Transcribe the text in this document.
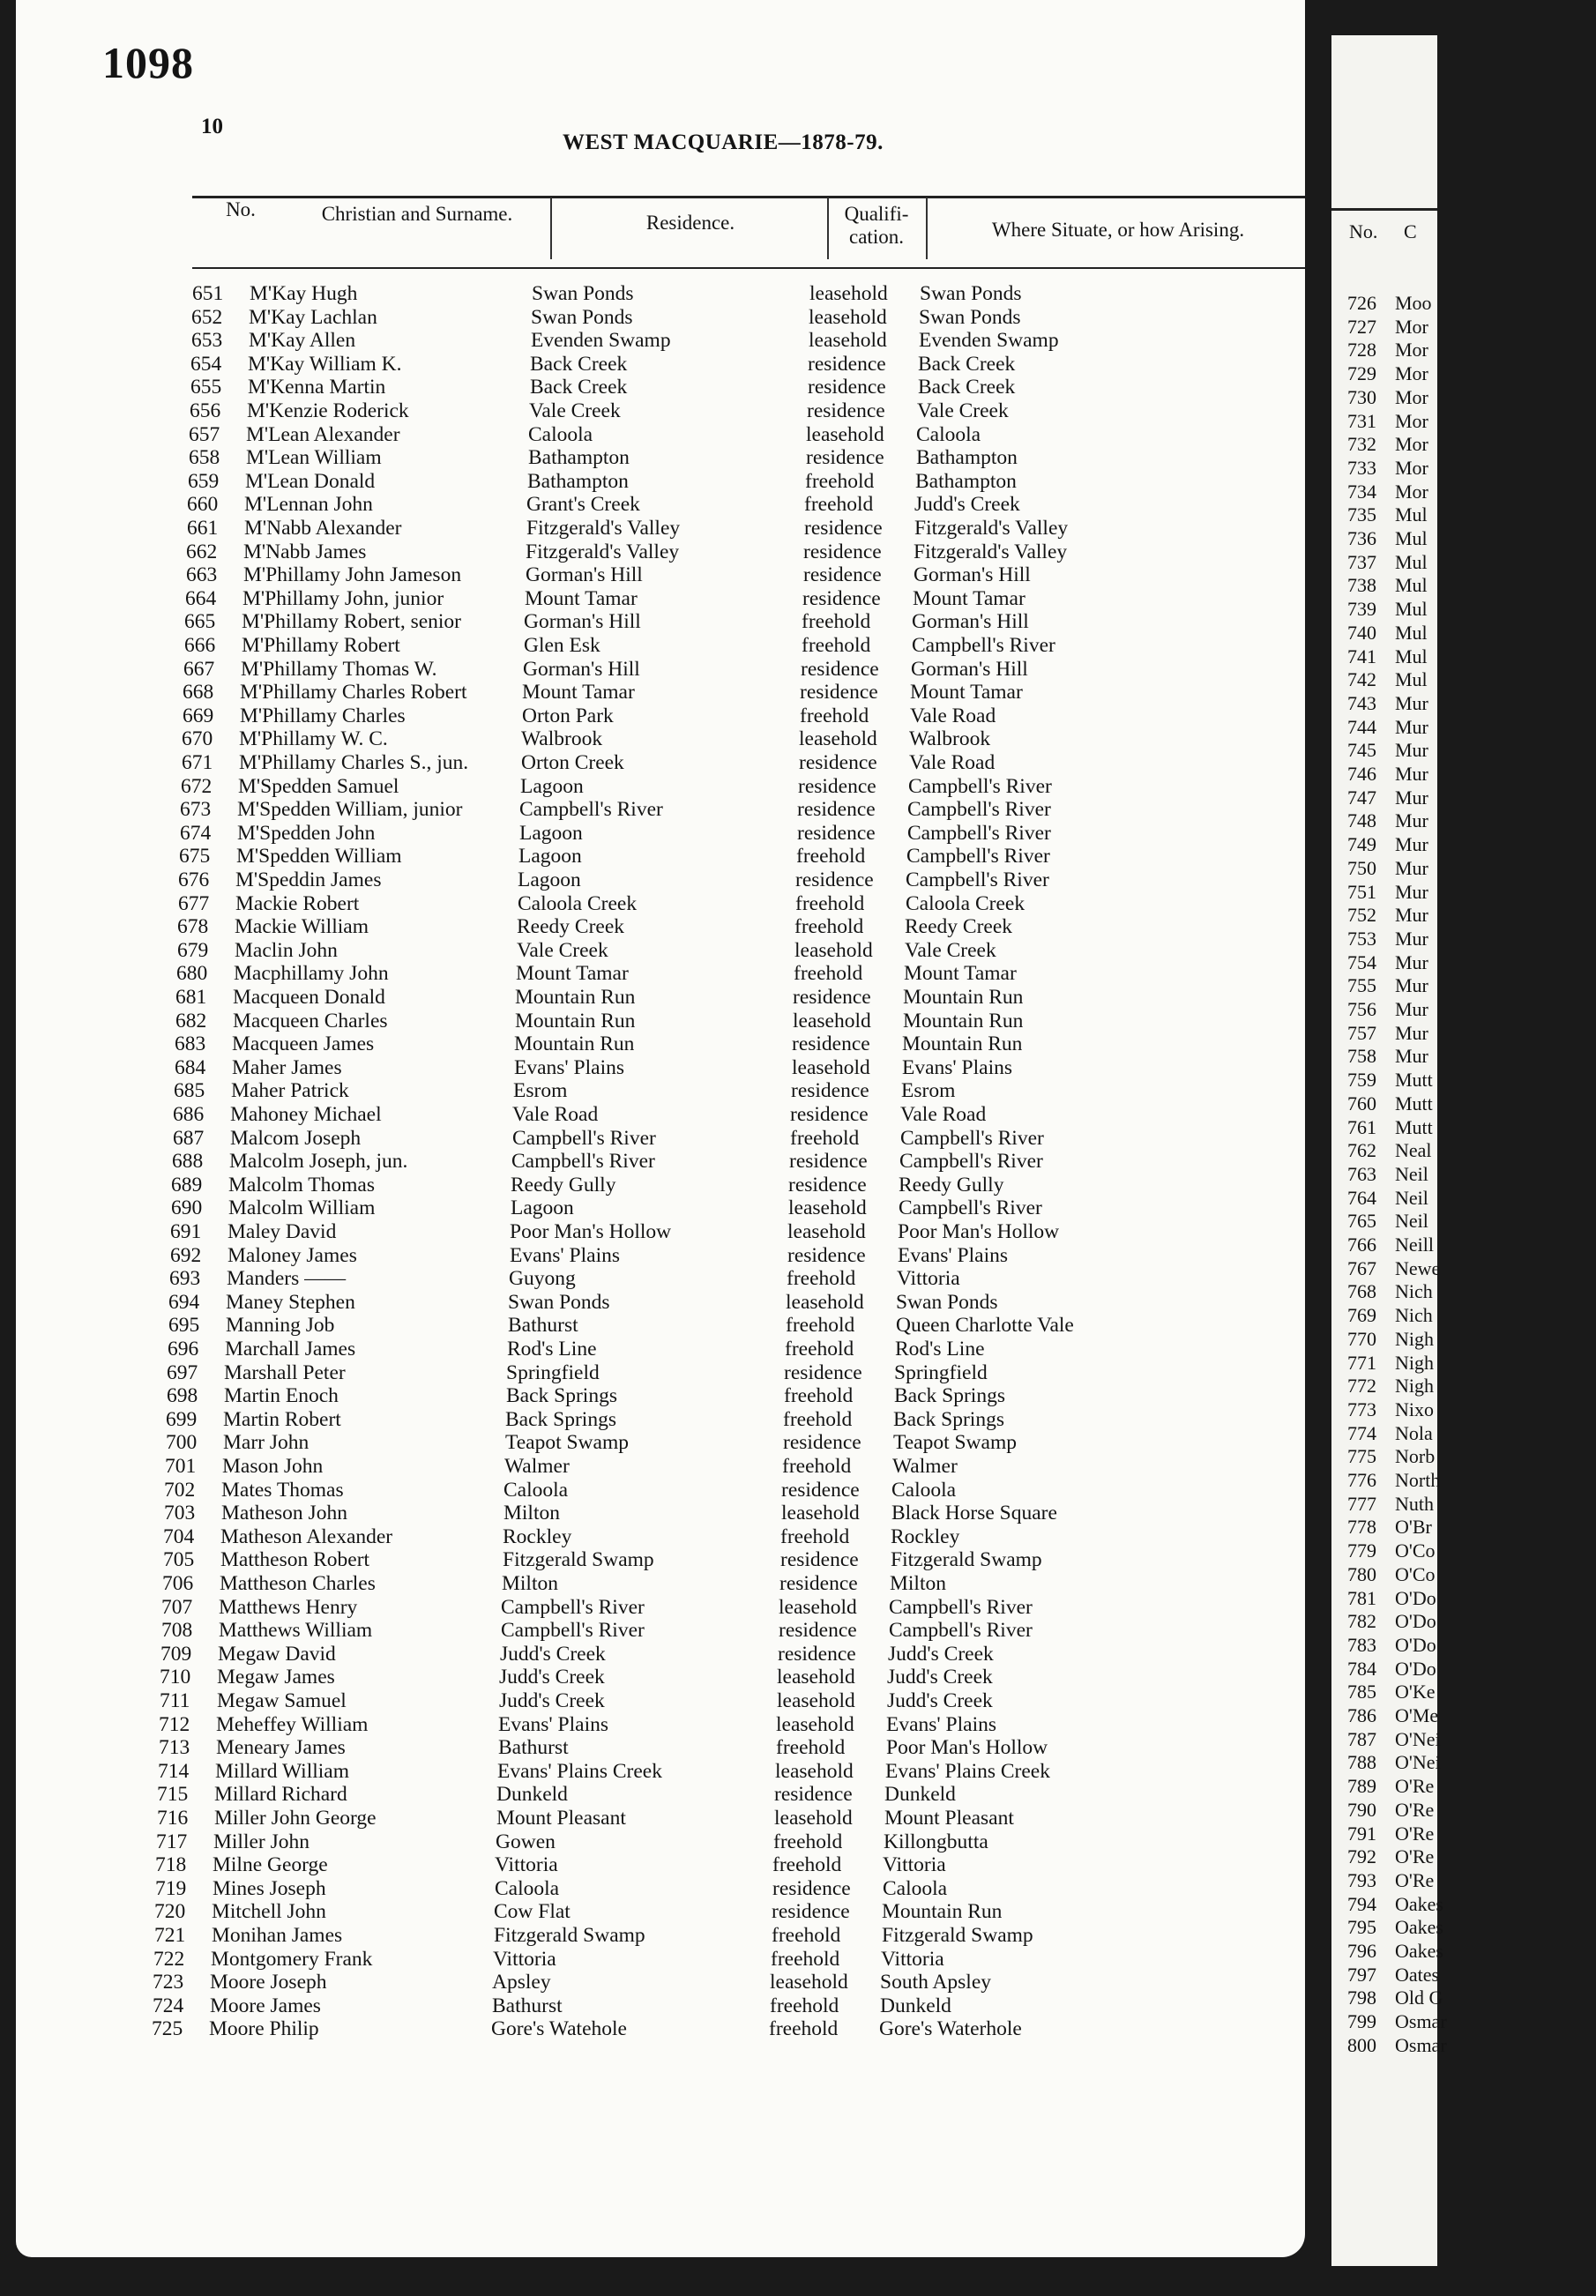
1098
10
WEST MACQUARIE—1878-79.
No.	Christian and Surname.	Residence.	Qualifi-
cation.	Where Situate, or how Arising.
651	M'Kay Hugh	Swan Ponds	leasehold Swan Ponds
652	M'Kay Lachlan	Swan Ponds	leasehold Swan Ponds
653	M'Kay Allen	Evenden Swamp	leasehold Evenden Swamp
654	M'Kay William K.	Back Creek	residence Back Creek
655	M'Kenna Martin	Back Creek	residence Back Creek
656	M'Kenzie Roderick	Vale Creek	residence Vale Creek
657	M'Lean Alexander	Caloola	leasehold Caloola
658	M'Lean William	Bathampton	residence Bathampton
659	M'Lean Donald	Bathampton	freehold Bathampton
660	M'Lennan John	Grant's Creek	freehold Judd's Creek
661	M'Nabb Alexander	Fitzgerald's Valley	residence Fitzgerald's Valley
662	M'Nabb James	Fitzgerald's Valley	residence Fitzgerald's Valley
663	M'Phillamy John Jameson	Gorman's Hill	residence Gorman's Hill
664	M'Phillamy John, junior	Mount Tamar	residence Mount Tamar
665	M'Phillamy Robert, senior	Gorman's Hill	freehold Gorman's Hill
666	M'Phillamy Robert	Glen Esk	freehold Campbell's River
667	M'Phillamy Thomas W.	Gorman's Hill	residence Gorman's Hill
668	M'Phillamy Charles Robert	Mount Tamar	residence Mount Tamar
669	M'Phillamy Charles	Orton Park	freehold Vale Road
670	M'Phillamy W. C.	Walbrook	leasehold Walbrook
671	M'Phillamy Charles S., jun.	Orton Creek	residence Vale Road
672	M'Spedden Samuel	Lagoon	residence Campbell's River
673	M'Spedden William, junior	Campbell's River	residence Campbell's River
674	M'Spedden John	Lagoon	residence Campbell's River
675	M'Spedden William	Lagoon	freehold Campbell's River
676	M'Speddin James	Lagoon	residence Campbell's River
677	Mackie Robert	Caloola Creek	freehold Caloola Creek
678	Mackie William	Reedy Creek	freehold Reedy Creek
679	Maclin John	Vale Creek	leasehold Vale Creek
680	Macphillamy John	Mount Tamar	freehold Mount Tamar
681	Macqueen Donald	Mountain Run	residence Mountain Run
682	Macqueen Charles	Mountain Run	leasehold Mountain Run
683	Macqueen James	Mountain Run	residence Mountain Run
684	Maher James	Evans' Plains	leasehold Evans' Plains
685	Maher Patrick	Esrom	residence Esrom
686	Mahoney Michael	Vale Road	residence Vale Road
687	Malcom Joseph	Campbell's River	freehold Campbell's River
688	Malcolm Joseph, jun.	Campbell's River	residence Campbell's River
689	Malcolm Thomas	Reedy Gully	residence Reedy Gully
690	Malcolm William	Lagoon	leasehold Campbell's River
691	Maley David	Poor Man's Hollow	leasehold Poor Man's Hollow
692	Maloney James	Evans' Plains	residence Evans' Plains
693	Manders ——	Guyong	freehold Vittoria
694	Maney Stephen	Swan Ponds	leasehold Swan Ponds
695	Manning Job	Bathurst	freehold Queen Charlotte Vale
696	Marchall James	Rod's Line	freehold Rod's Line
697	Marshall Peter	Springfield	residence Springfield
698	Martin Enoch	Back Springs	freehold Back Springs
699	Martin Robert	Back Springs	freehold Back Springs
700	Marr John	Teapot Swamp	residence Teapot Swamp
701	Mason John	Walmer	freehold Walmer
702	Mates Thomas	Caloola	residence Caloola
703	Matheson John	Milton	leasehold Black Horse Square
704	Matheson Alexander	Rockley	freehold Rockley
705	Mattheson Robert	Fitzgerald Swamp	residence Fitzgerald Swamp
706	Mattheson Charles	Milton	residence Milton
707	Matthews Henry	Campbell's River	leasehold Campbell's River
708	Matthews William	Campbell's River	residence Campbell's River
709	Megaw David	Judd's Creek	residence Judd's Creek
710	Megaw James	Judd's Creek	leasehold Judd's Creek
711	Megaw Samuel	Judd's Creek	leasehold Judd's Creek
712	Meheffey William	Evans' Plains	leasehold Evans' Plains
713	Meneary James	Bathurst	freehold Poor Man's Hollow
714	Millard William	Evans' Plains Creek	leasehold Evans' Plains Creek
715	Millard Richard	Dunkeld	residence Dunkeld
716	Miller John George	Mount Pleasant	leasehold Mount Pleasant
717	Miller John	Gowen	freehold Killongbutta
718	Milne George	Vittoria	freehold Vittoria
719	Mines Joseph	Caloola	residence Caloola
720	Mitchell John	Cow Flat	residence Mountain Run
721	Monihan James	Fitzgerald Swamp	freehold Fitzgerald Swamp
722	Montgomery Frank	Vittoria	freehold Vittoria
723	Moore Joseph	Apsley	leasehold South Apsley
724	Moore James	Bathurst	freehold Dunkeld
725	Moore Philip	Gore's Watehole	freehold Gore's Waterhole
No. C
726 Moo
727 Mor
728 Mor
729 Mor
730 Mor
731 Mor
732 Mor
733 Mor
734 Mor
735 Mul
736 Mul
737 Mul
738 Mul
739 Mul
740 Mul
741 Mul
742 Mul
743 Mur
744 Mur
745 Mur
746 Mur
747 Mur
748 Mur
749 Mur
750 Mur
751 Mur
752 Mur
753 Mur
754 Mur
755 Mur
756 Mur
757 Mur
758 Mur
759 Mutt
760 Mutt
761 Mutt
762 Neal
763 Neil
764 Neil
765 Neil
766 Neill
767 Newe
768 Nich
769 Nich
770 Nigh
771 Nigh
772 Nigh
773 Nixo
774 Nola
775 Norb
776 North
777 Nuth
778 O'Br
779 O'Co
780 O'Co
781 O'Do
782 O'Do
783 O'Do
784 O'Do
785 O'Ke
786 O'Me
787 O'Nei
788 O'Nei
789 O'Re
790 O'Re
791 O'Re
792 O'Re
793 O'Re
794 Oakes
795 Oakes
796 Oakes
797 Oates
798 Old G
799 Osmar
800 Osmar
